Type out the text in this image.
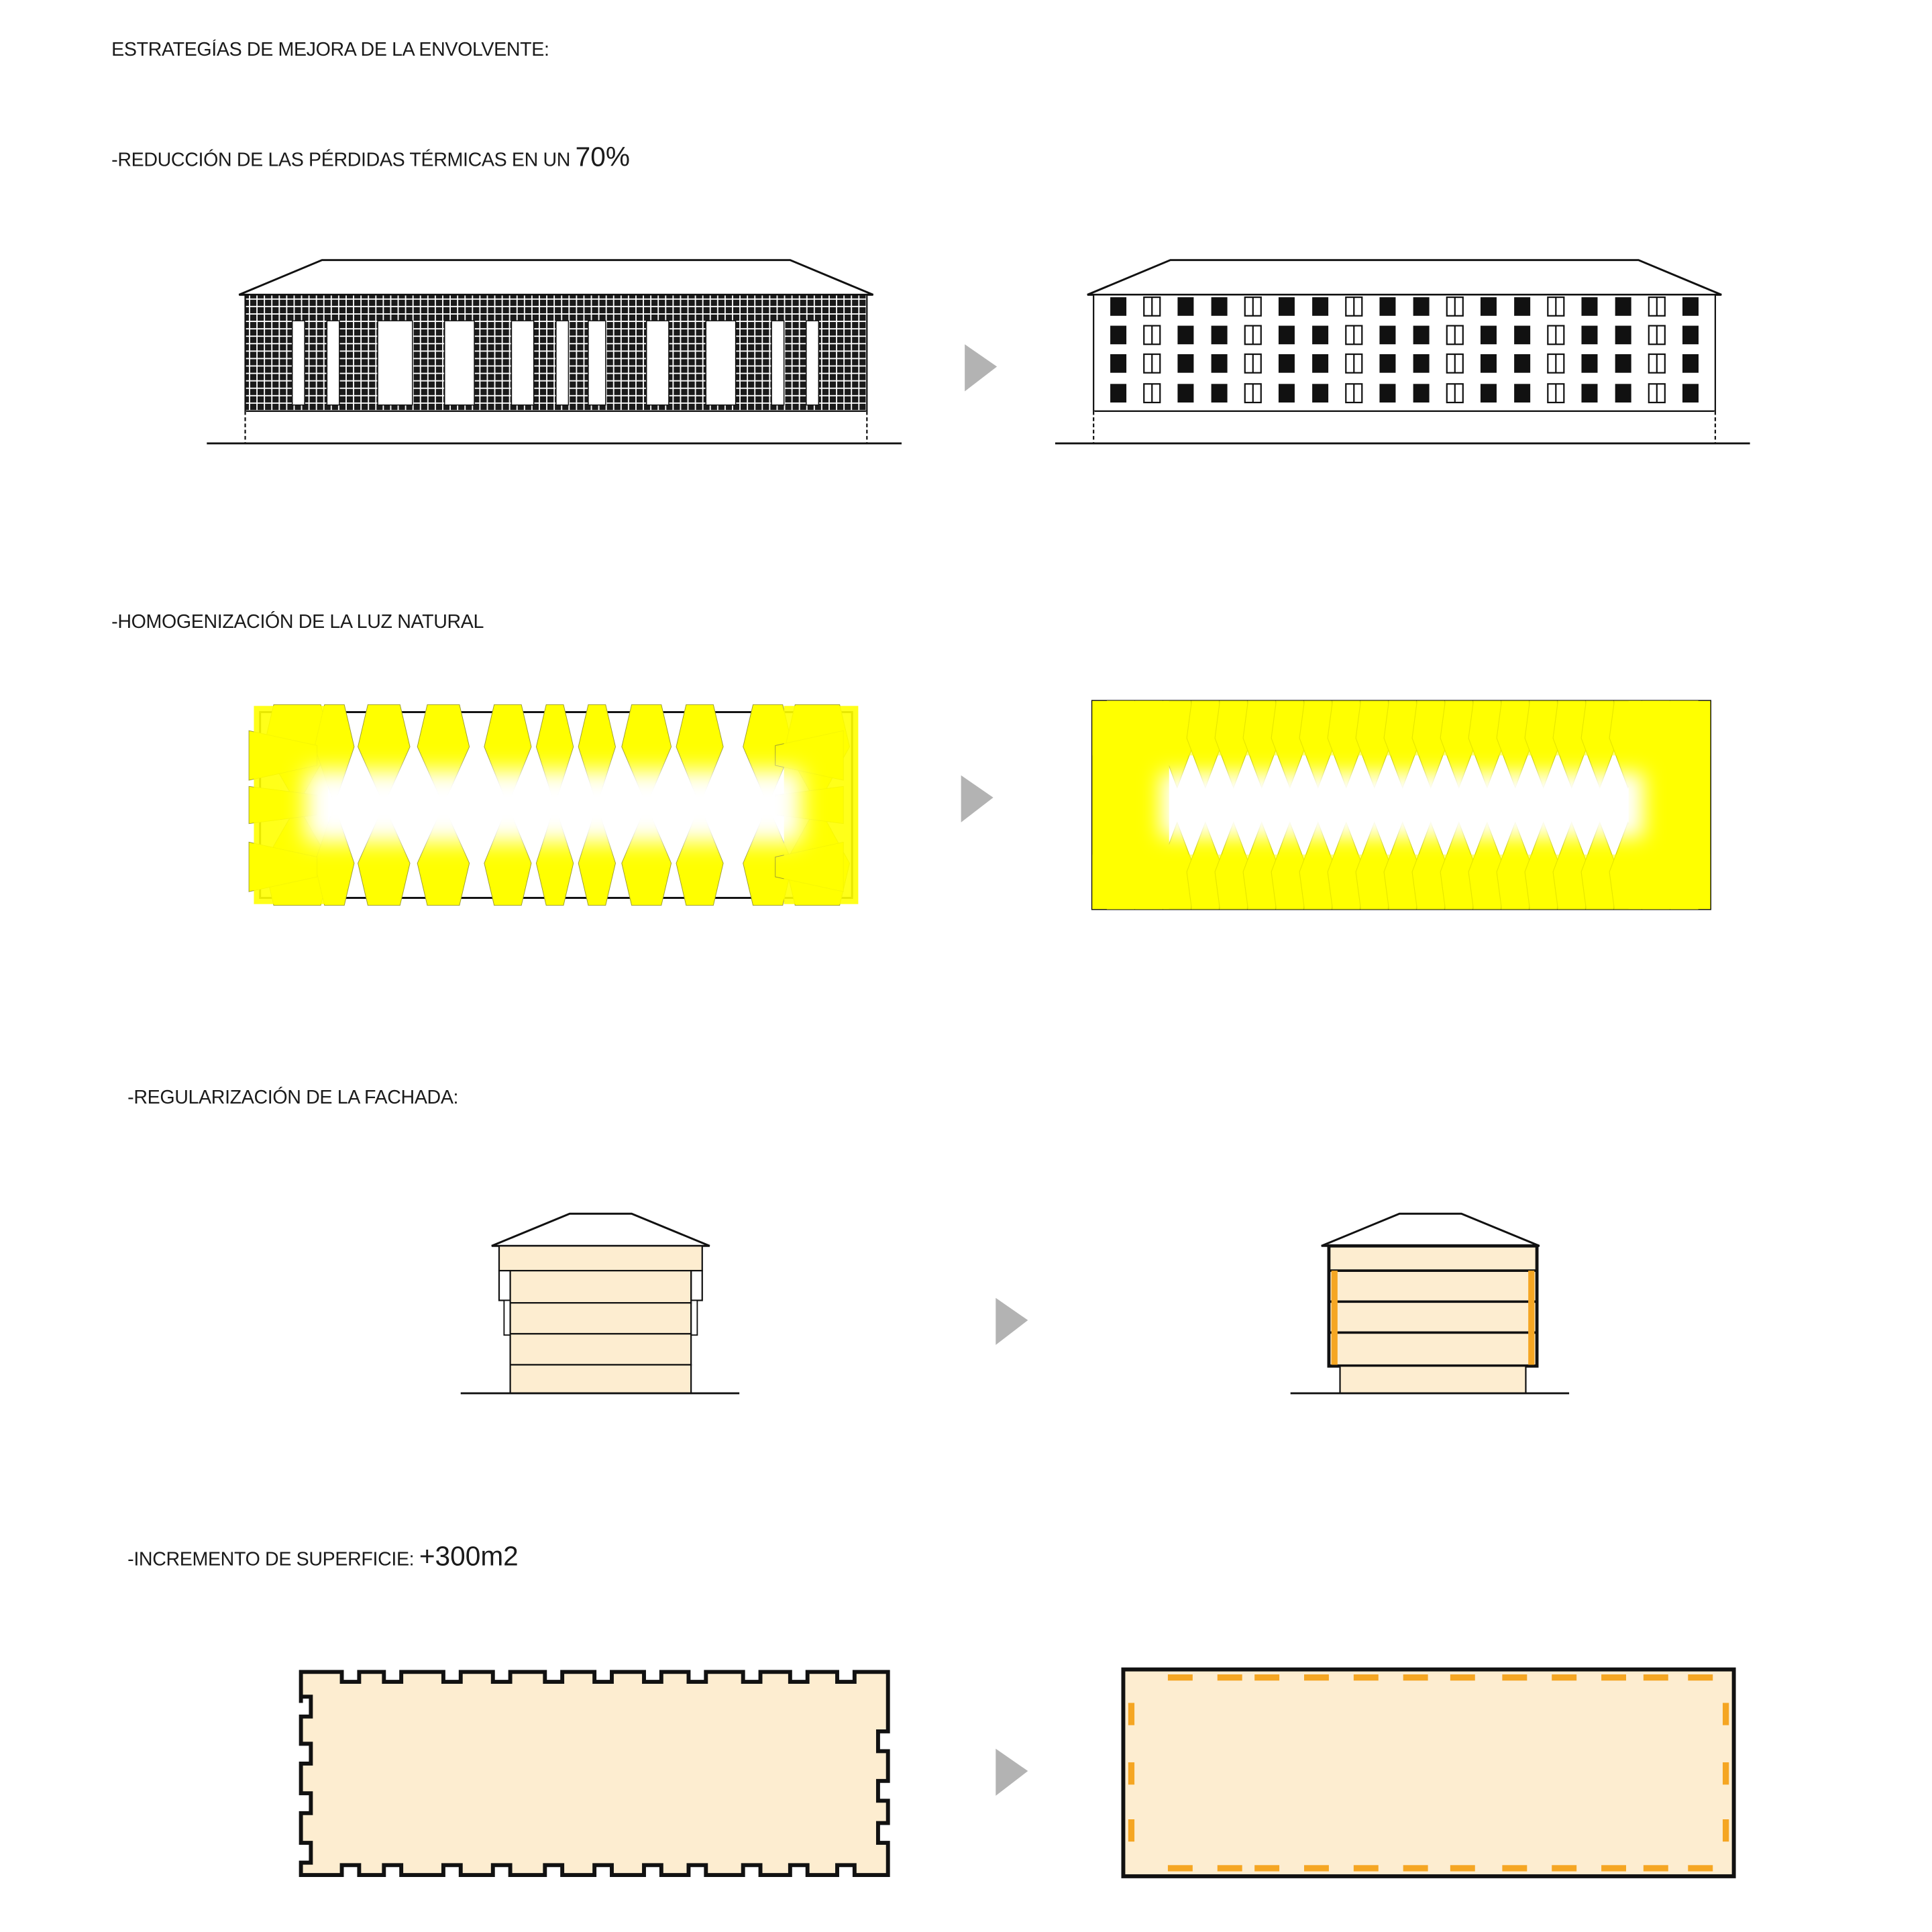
ESTRATEGÍAS DE MEJORA DE LA ENVOLVENTE:

-REDUCCIÓN DE LAS PÉRDIDAS TÉRMICAS EN UN 70%

-HOMOGENIZACIÓN DE LA LUZ NATURAL

-REGULARIZACIÓN DE LA FACHADA:

-INCREMENTO DE SUPERFICIE: +300m2
